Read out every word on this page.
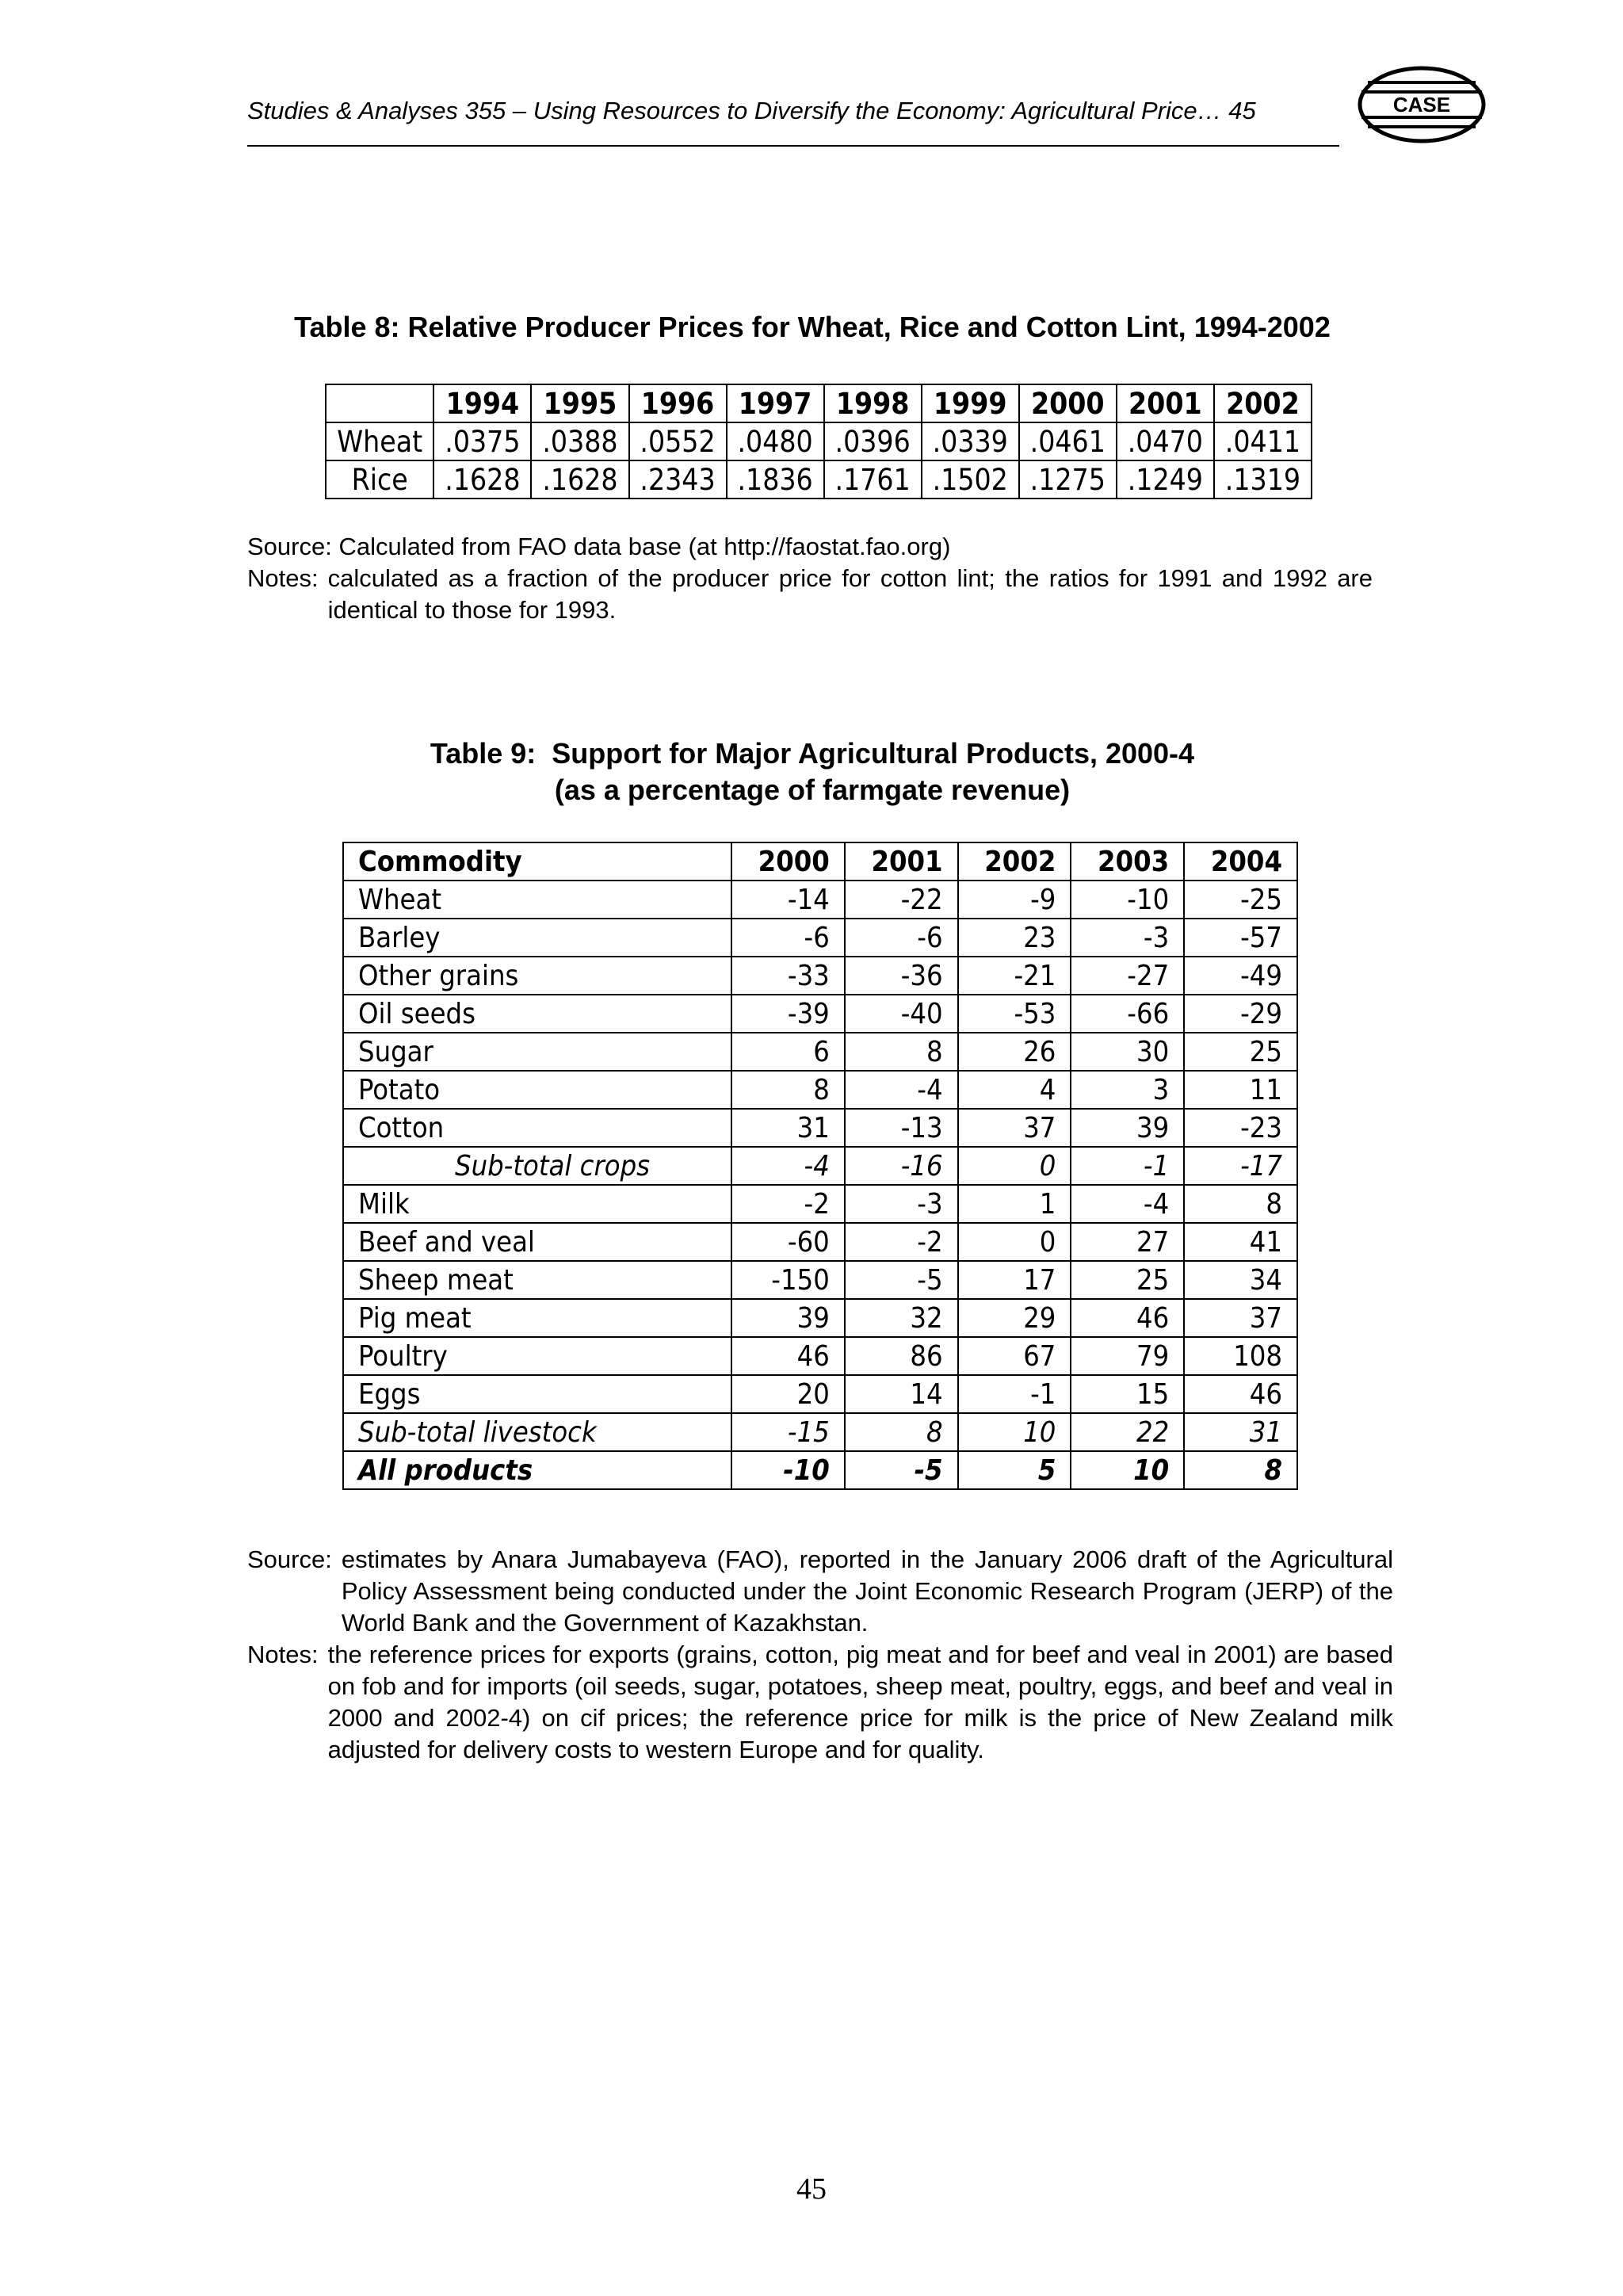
Studies & Analyses 355 – Using Resources to Diversify the Economy: Agricultural Price… 45	CASE
Table 8: Relative Producer Prices for Wheat, Rice and Cotton Lint, 1994-2002
	1994	1995	1996	1997	1998	1999	2000	2001	2002
Wheat	.0375	.0388	.0552	.0480	.0396	.0339	.0461	.0470	.0411
Rice	.1628	.1628	.2343	.1836	.1761	.1502	.1275	.1249	.1319
Source: Calculated from FAO data base (at http://faostat.fao.org)
Notes: calculated as a fraction of the producer price for cotton lint; the ratios for 1991 and 1992 are identical to those for 1993.
Table 9:  Support for Major Agricultural Products, 2000-4
(as a percentage of farmgate revenue)
Commodity	2000	2001	2002	2003	2004
Wheat	-14	-22	-9	-10	-25
Barley	-6	-6	23	-3	-57
Other grains	-33	-36	-21	-27	-49
Oil seeds	-39	-40	-53	-66	-29
Sugar	6	8	26	30	25
Potato	8	-4	4	3	11
Cotton	31	-13	37	39	-23
Sub-total crops	-4	-16	0	-1	-17
Milk	-2	-3	1	-4	8
Beef and veal	-60	-2	0	27	41
Sheep meat	-150	-5	17	25	34
Pig meat	39	32	29	46	37
Poultry	46	86	67	79	108
Eggs	20	14	-1	15	46
Sub-total livestock	-15	8	10	22	31
All products	-10	-5	5	10	8
Source: estimates by Anara Jumabayeva (FAO), reported in the January 2006 draft of the Agricultural Policy Assessment being conducted under the Joint Economic Research Program (JERP) of the World Bank and the Government of Kazakhstan.
Notes: the reference prices for exports (grains, cotton, pig meat and for beef and veal in 2001) are based on fob and for imports (oil seeds, sugar, potatoes, sheep meat, poultry, eggs, and beef and veal in 2000 and 2002-4) on cif prices; the reference price for milk is the price of New Zealand milk adjusted for delivery costs to western Europe and for quality.
45
